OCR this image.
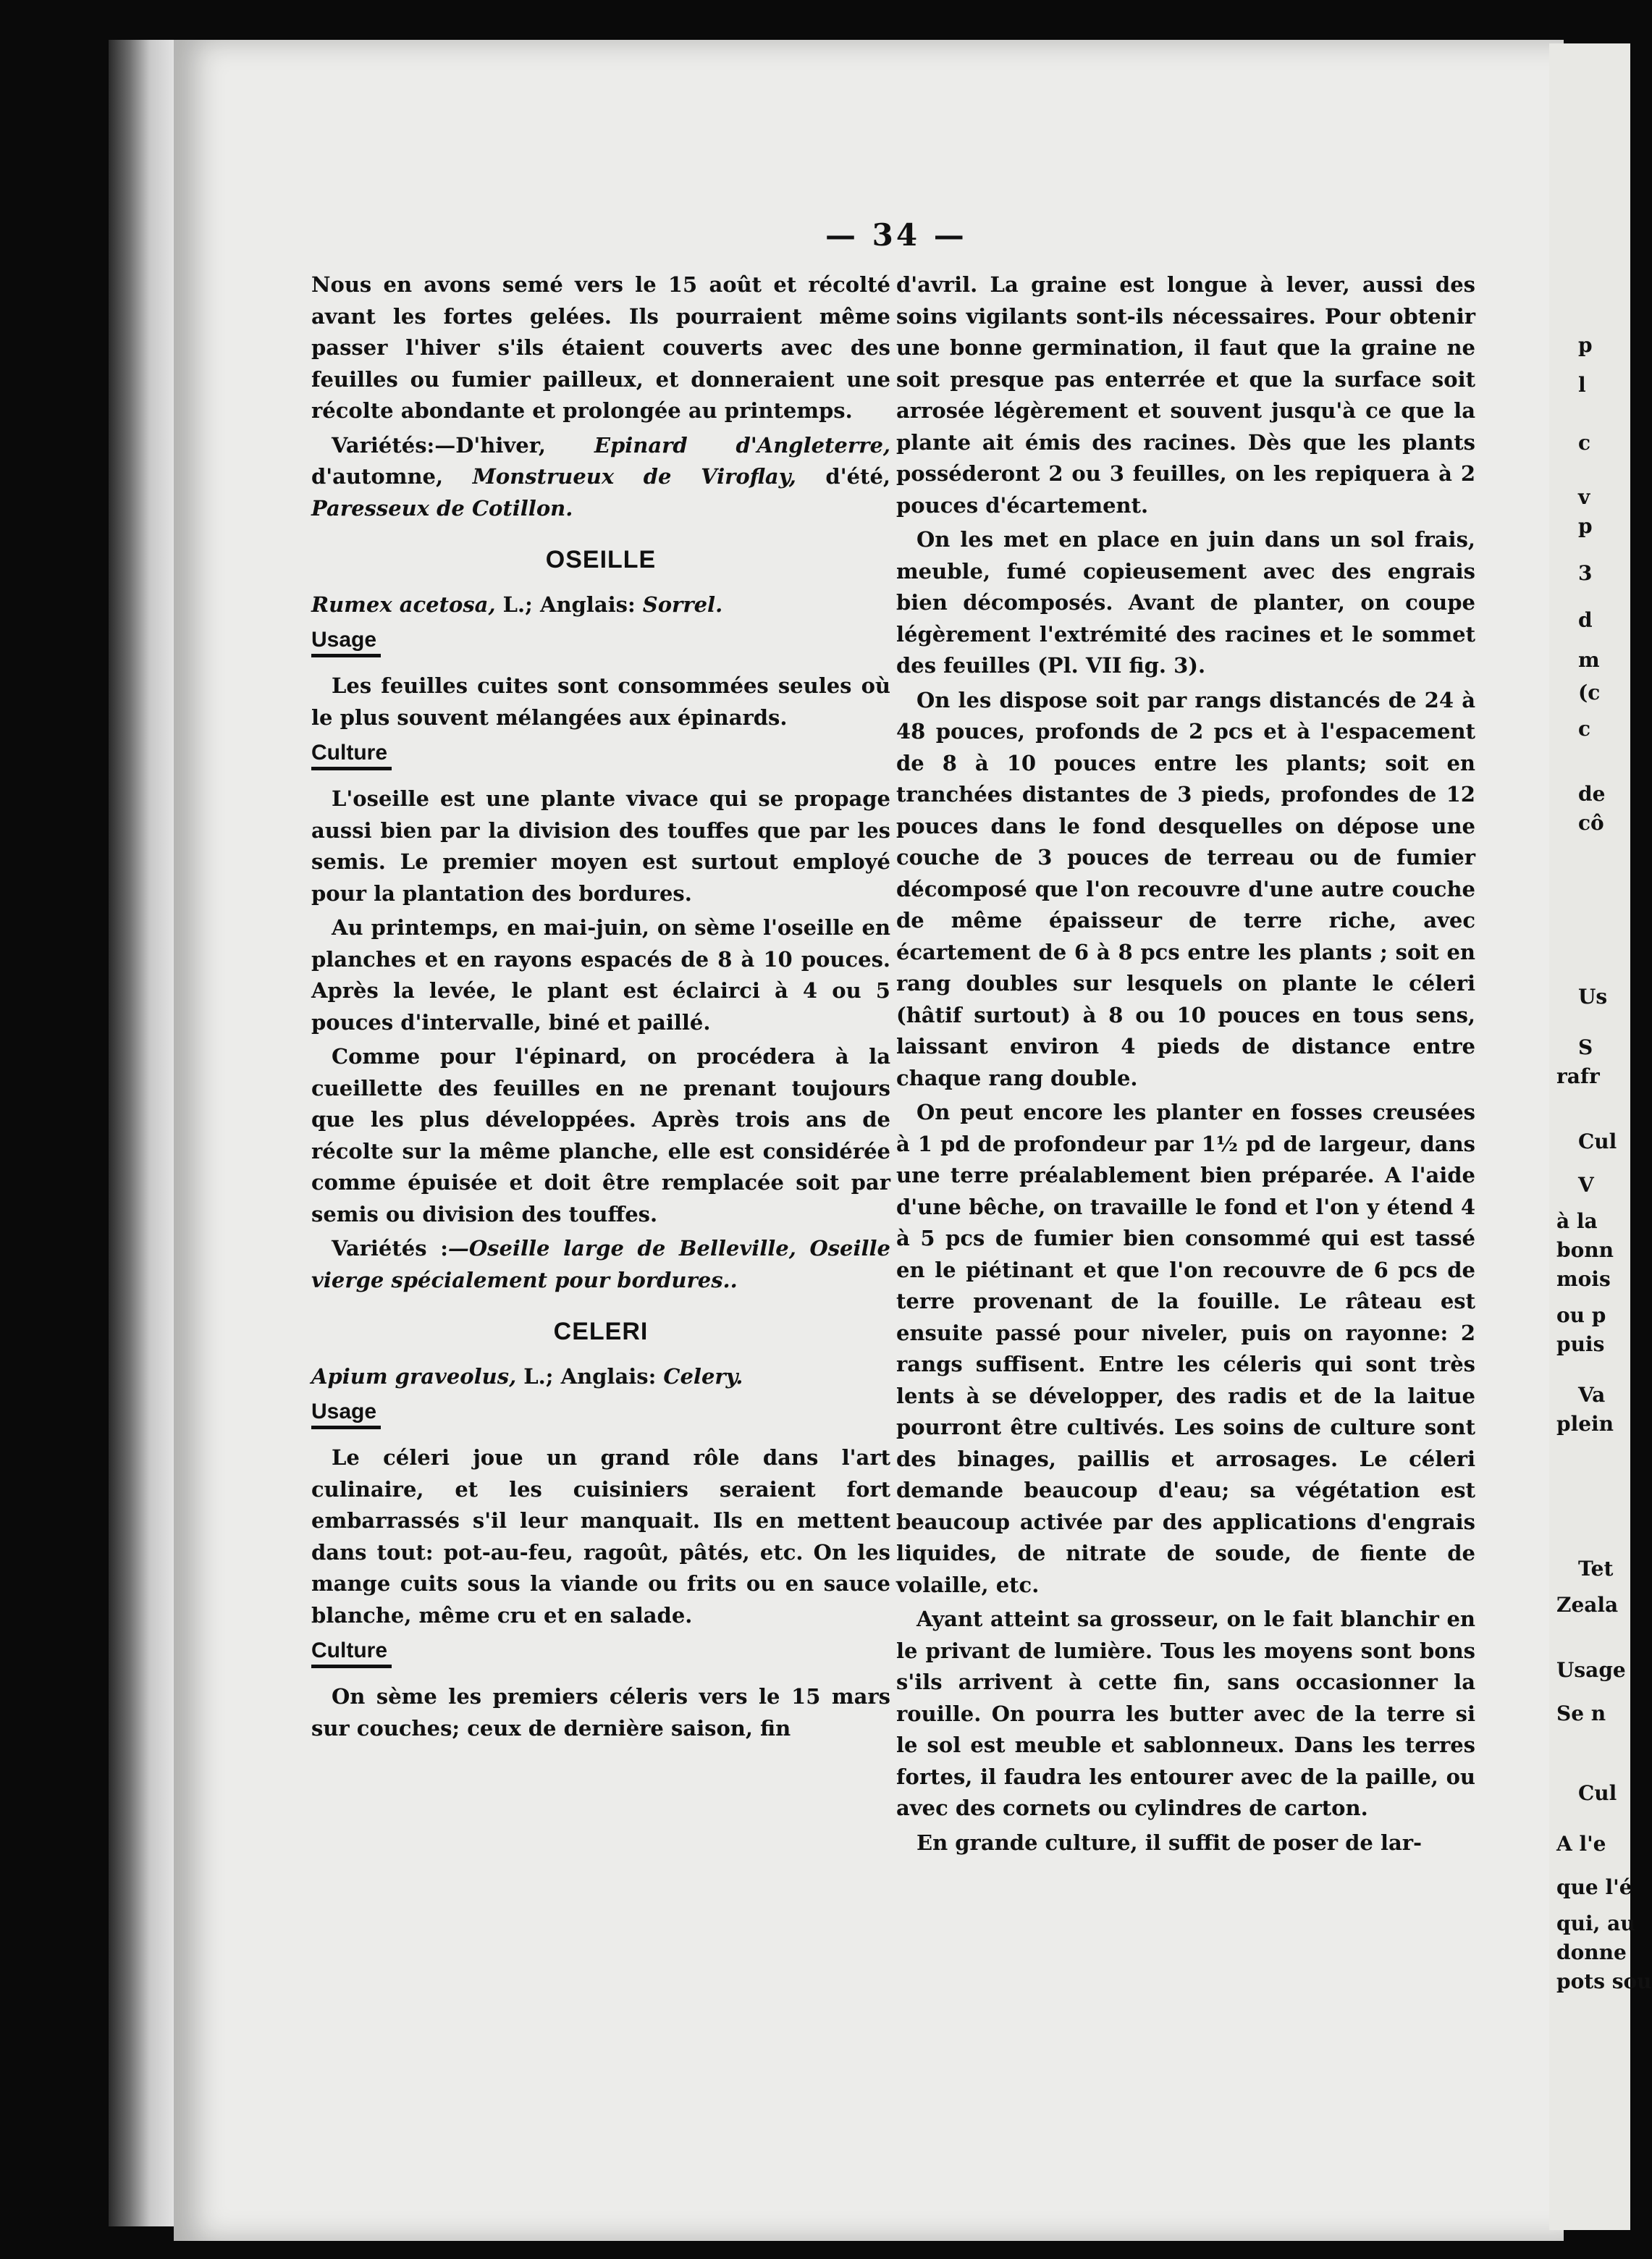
— 34 —

Nous en avons semé vers le 15 août et récolté avant les fortes gelées. Ils pourraient même passer l'hiver s'ils étaient couverts avec des feuilles ou fumier pailleux, et donneraient une récolte abondante et prolongée au printemps.

Variétés:—D'hiver, Epinard d'Angleterre, d'automne, Monstrueux de Viroflay, d'été, Paresseux de Cotillon.

OSEILLE

Rumex acetosa, L.; Anglais: Sorrel.

Usage

Les feuilles cuites sont consommées seules où le plus souvent mélangées aux épinards.

Culture

L'oseille est une plante vivace qui se propage aussi bien par la division des touffes que par les semis. Le premier moyen est surtout employé pour la plantation des bordures.

Au printemps, en mai-juin, on sème l'oseille en planches et en rayons espacés de 8 à 10 pouces. Après la levée, le plant est éclairci à 4 ou 5 pouces d'intervalle, biné et paillé.

Comme pour l'épinard, on procédera à la cueillette des feuilles en ne prenant toujours que les plus développées. Après trois ans de récolte sur la même planche, elle est considérée comme épuisée et doit être remplacée soit par semis ou division des touffes.

Variétés :—Oseille large de Belleville, Oseille vierge spécialement pour bordures..

CELERI

Apium graveolus, L.; Anglais: Celery.

Usage

Le céleri joue un grand rôle dans l'art culinaire, et les cuisiniers seraient fort embarrassés s'il leur manquait. Ils en mettent dans tout: pot-au-feu, ragoût, pâtés, etc. On les mange cuits sous la viande ou frits ou en sauce blanche, même cru et en salade.

Culture

On sème les premiers céleris vers le 15 mars sur couches; ceux de dernière saison, fin

d'avril. La graine est longue à lever, aussi des soins vigilants sont-ils nécessaires. Pour obtenir une bonne germination, il faut que la graine ne soit presque pas enterrée et que la surface soit arrosée légèrement et souvent jusqu'à ce que la plante ait émis des racines. Dès que les plants posséderont 2 ou 3 feuilles, on les repiquera à 2 pouces d'écartement.

On les met en place en juin dans un sol frais, meuble, fumé copieusement avec des engrais bien décomposés. Avant de planter, on coupe légèrement l'extrémité des racines et le sommet des feuilles (Pl. VII fig. 3).

On les dispose soit par rangs distancés de 24 à 48 pouces, profonds de 2 pcs et à l'espacement de 8 à 10 pouces entre les plants; soit en tranchées distantes de 3 pieds, profondes de 12 pouces dans le fond desquelles on dépose une couche de 3 pouces de terreau ou de fumier décomposé que l'on recouvre d'une autre couche de même épaisseur de terre riche, avec écartement de 6 à 8 pcs entre les plants ; soit en rang doubles sur lesquels on plante le céleri (hâtif surtout) à 8 ou 10 pouces en tous sens, laissant environ 4 pieds de distance entre chaque rang double.

On peut encore les planter en fosses creusées à 1 pd de profondeur par 1½ pd de largeur, dans une terre préalablement bien préparée. A l'aide d'une bêche, on travaille le fond et l'on y étend 4 à 5 pcs de fumier bien consommé qui est tassé en le piétinant et que l'on recouvre de 6 pcs de terre provenant de la fouille. Le râteau est ensuite passé pour niveler, puis on rayonne: 2 rangs suffisent. Entre les céleris qui sont très lents à se développer, des radis et de la laitue pourront être cultivés. Les soins de culture sont des binages, paillis et arrosages. Le céleri demande beaucoup d'eau; sa végétation est beaucoup activée par des applications d'engrais liquides, de nitrate de soude, de fiente de volaille, etc.

Ayant atteint sa grosseur, on le fait blanchir en le privant de lumière. Tous les moyens sont bons s'ils arrivent à cette fin, sans occasionner la rouille. On pourra les butter avec de la terre si le sol est meuble et sablonneux. Dans les terres fortes, il faudra les entourer avec de la paille, ou avec des cornets ou cylindres de carton.

En grande culture, il suffit de poser de lar-

p
l
c
v
p
3
d
m
(c
c
de
cô
Us
S
rafr
Cul
V
à la
bonn
mois
ou p
puis
Va
plein
Tet
Zeala
Usage
Se n
Cul
A l'e
que l'é
qui, au
donne
pots sou
